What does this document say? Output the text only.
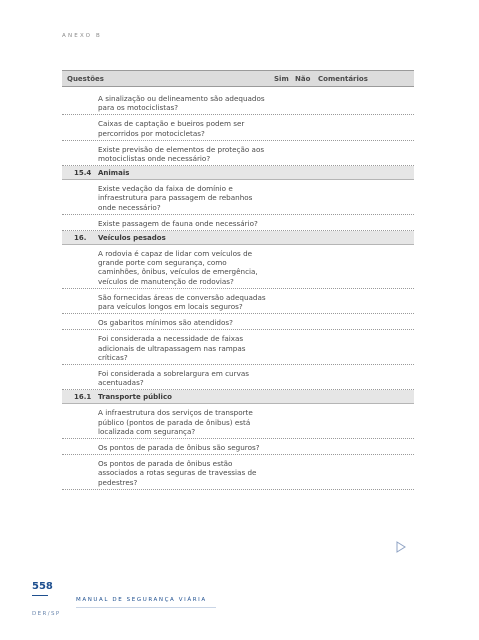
ANEXO B
Questões	Sim Não Comentários

A sinalização ou delineamento são adequados para os motociclistas?

Caixas de captação e bueiros podem ser percorridos por motocicletas?

Existe previsão de elementos de proteção aos motociclistas onde necessário?

15.4 Animais

Existe vedação da faixa de domínio e infraestrutura para passagem de rebanhos onde necessário?

Existe passagem de fauna onde necessário?

16. Veículos pesados

A rodovia é capaz de lidar com veículos de grande porte com segurança, como caminhões, ônibus, veículos de emergência, veículos de manutenção de rodovias?

São fornecidas áreas de conversão adequadas para veículos longos em locais seguros?

Os gabaritos mínimos são atendidos?

Foi considerada a necessidade de faixas adicionais de ultrapassagem nas rampas críticas?

Foi considerada a sobrelargura em curvas acentuadas?

16.1 Transporte público

A infraestrutura dos serviços de transporte público (pontos de parada de ônibus) está localizada com segurança?

Os pontos de parada de ônibus são seguros?

Os pontos de parada de ônibus estão associados a rotas seguras de travessias de pedestres?

558
MANUAL DE SEGURANÇA VIÁRIA
DER/SP
